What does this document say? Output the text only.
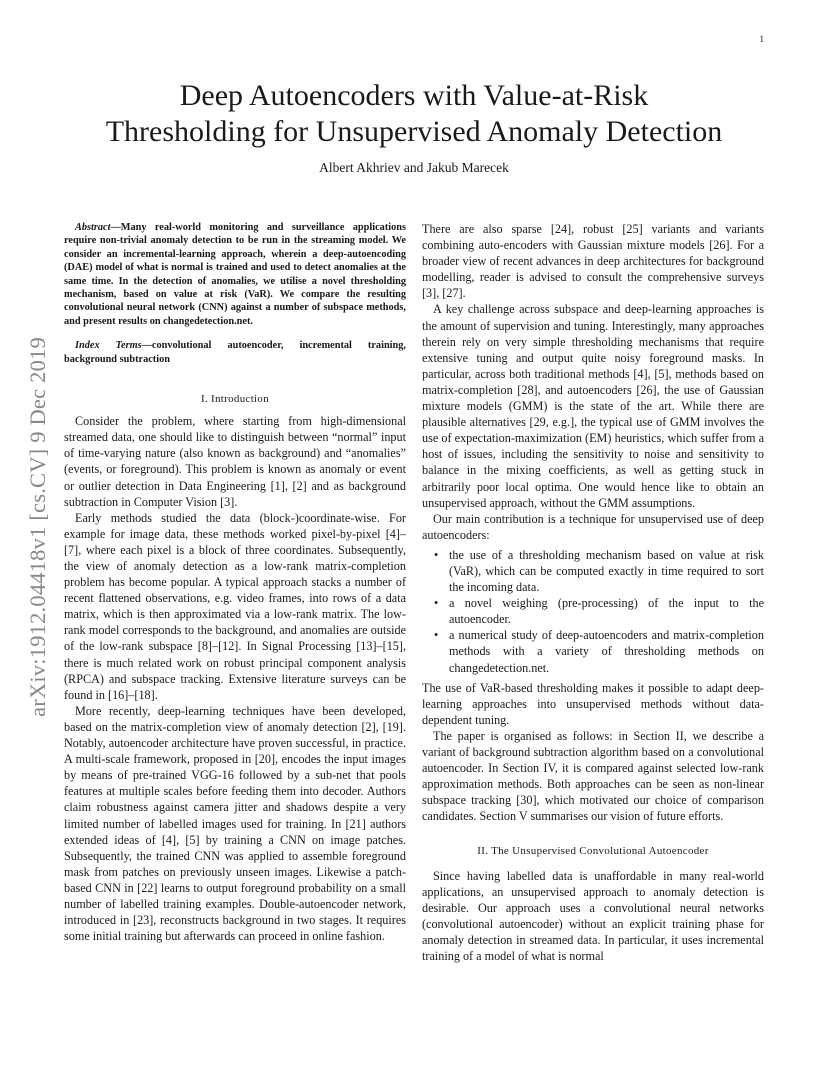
1
arXiv:1912.04418v1 [cs.CV] 9 Dec 2019
Deep Autoencoders with Value-at-Risk
Thresholding for Unsupervised Anomaly Detection
Albert Akhriev and Jakub Marecek

Abstract—Many real-world monitoring and surveillance applications require non-trivial anomaly detection to be run in the streaming model. We consider an incremental-learning approach, wherein a deep-autoencoding (DAE) model of what is normal is trained and used to detect anomalies at the same time. In the detection of anomalies, we utilise a novel thresholding mechanism, based on value at risk (VaR). We compare the resulting convolutional neural network (CNN) against a number of subspace methods, and present results on changedetection.net.

Index Terms—convolutional autoencoder, incremental training, background subtraction

I. Introduction

Consider the problem, where starting from high-dimensional streamed data, one should like to distinguish between “normal” input of time-varying nature (also known as background) and “anomalies” (events, or foreground). This problem is known as anomaly or event or outlier detection in Data Engineering [1], [2] and as background subtraction in Computer Vision [3].

Early methods studied the data (block-)coordinate-wise. For example for image data, these methods worked pixel-by-pixel [4]–[7], where each pixel is a block of three coordinates. Subsequently, the view of anomaly detection as a low-rank matrix-completion problem has become popular. A typical approach stacks a number of recent flattened observations, e.g. video frames, into rows of a data matrix, which is then approximated via a low-rank matrix. The low-rank model corresponds to the background, and anomalies are outside of the low-rank subspace [8]–[12]. In Signal Processing [13]–[15], there is much related work on robust principal component analysis (RPCA) and subspace tracking. Extensive literature surveys can be found in [16]–[18].

More recently, deep-learning techniques have been developed, based on the matrix-completion view of anomaly detection [2], [19]. Notably, autoencoder architecture have proven successful, in practice. A multi-scale framework, proposed in [20], encodes the input images by means of pre-trained VGG-16 followed by a sub-net that pools features at multiple scales before feeding them into decoder. Authors claim robustness against camera jitter and shadows despite a very limited number of labelled images used for training. In [21] authors extended ideas of [4], [5] by training a CNN on image patches. Subsequently, the trained CNN was applied to assemble foreground mask from patches on previously unseen images. Likewise a patch-based CNN in [22] learns to output foreground probability on a small number of labelled training examples. Double-autoencoder network, introduced in [23], reconstructs background in two stages. It requires some initial training but afterwards can proceed in online fashion.

There are also sparse [24], robust [25] variants and variants combining auto-encoders with Gaussian mixture models [26]. For a broader view of recent advances in deep architectures for background modelling, reader is advised to consult the comprehensive surveys [3], [27].

A key challenge across subspace and deep-learning approaches is the amount of supervision and tuning. Interestingly, many approaches therein rely on very simple thresholding mechanisms that require extensive tuning and output quite noisy foreground masks. In particular, across both traditional methods [4], [5], methods based on matrix-completion [28], and autoencoders [26], the use of Gaussian mixture models (GMM) is the state of the art. While there are plausible alternatives [29, e.g.], the typical use of GMM involves the use of expectation-maximization (EM) heuristics, which suffer from a host of issues, including the sensitivity to noise and sensitivity to balance in the mixing coefficients, as well as getting stuck in arbitrarily poor local optima. One would hence like to obtain an unsupervised approach, without the GMM assumptions.

Our main contribution is a technique for unsupervised use of deep autoencoders:

• the use of a thresholding mechanism based on value at risk (VaR), which can be computed exactly in time required to sort the incoming data.
• a novel weighing (pre-processing) of the input to the autoencoder.
• a numerical study of deep-autoencoders and matrix-completion methods with a variety of thresholding methods on changedetection.net.

The use of VaR-based thresholding makes it possible to adapt deep-learning approaches into unsupervised methods without data-dependent tuning.

The paper is organised as follows: in Section II, we describe a variant of background subtraction algorithm based on a convolutional autoencoder. In Section IV, it is compared against selected low-rank approximation methods. Both approaches can be seen as non-linear subspace tracking [30], which motivated our choice of comparison candidates. Section V summarises our vision of future efforts.

II. The Unsupervised Convolutional Autoencoder

Since having labelled data is unaffordable in many real-world applications, an unsupervised approach to anomaly detection is desirable. Our approach uses a convolutional neural networks (convolutional autoencoder) without an explicit training phase for anomaly detection in streamed data. In particular, it uses incremental training of a model of what is normal
